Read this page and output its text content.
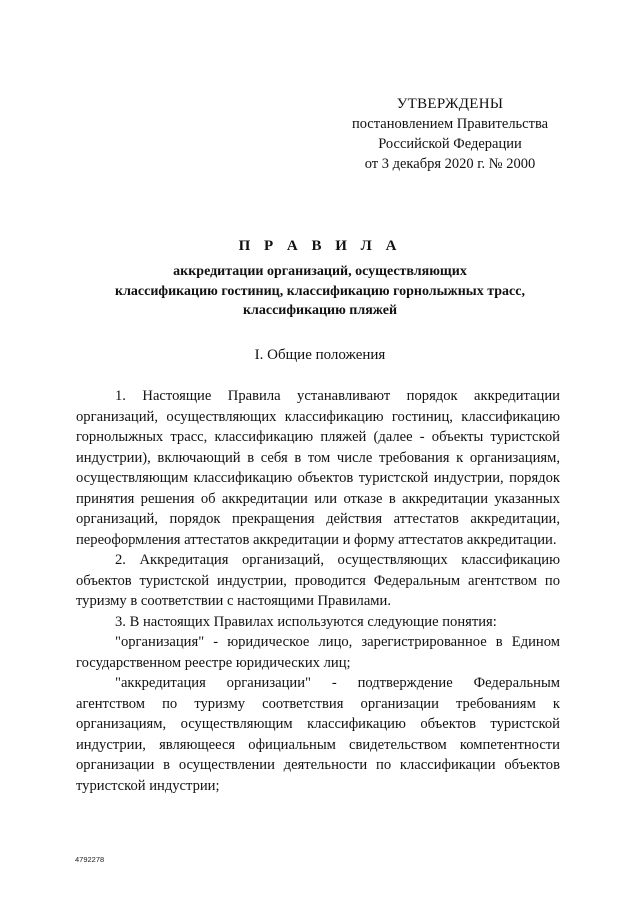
УТВЕРЖДЕНЫ
постановлением Правительства
Российской Федерации
от 3 декабря 2020 г. № 2000
П Р А В И Л А
аккредитации организаций, осуществляющих
классификацию гостиниц, классификацию горнолыжных трасс,
классификацию пляжей
I. Общие положения

1. Настоящие Правила устанавливают порядок аккредитации организаций, осуществляющих классификацию гостиниц, классификацию горнолыжных трасс, классификацию пляжей (далее - объекты туристской индустрии), включающий в себя в том числе требования к организациям, осуществляющим классификацию объектов туристской индустрии, порядок принятия решения об аккредитации или отказе в аккредитации указанных организаций, порядок прекращения действия аттестатов аккредитации, переоформления аттестатов аккредитации и форму аттестатов аккредитации.

2. Аккредитация организаций, осуществляющих классификацию объектов туристской индустрии, проводится Федеральным агентством по туризму в соответствии с настоящими Правилами.

3. В настоящих Правилах используются следующие понятия:

"организация" - юридическое лицо, зарегистрированное в Едином государственном реестре юридических лиц;

"аккредитация организации" - подтверждение Федеральным агентством по туризму соответствия организации требованиям к организациям, осуществляющим классификацию объектов туристской индустрии, являющееся официальным свидетельством компетентности организации в осуществлении деятельности по классификации объектов туристской индустрии;

4792278
